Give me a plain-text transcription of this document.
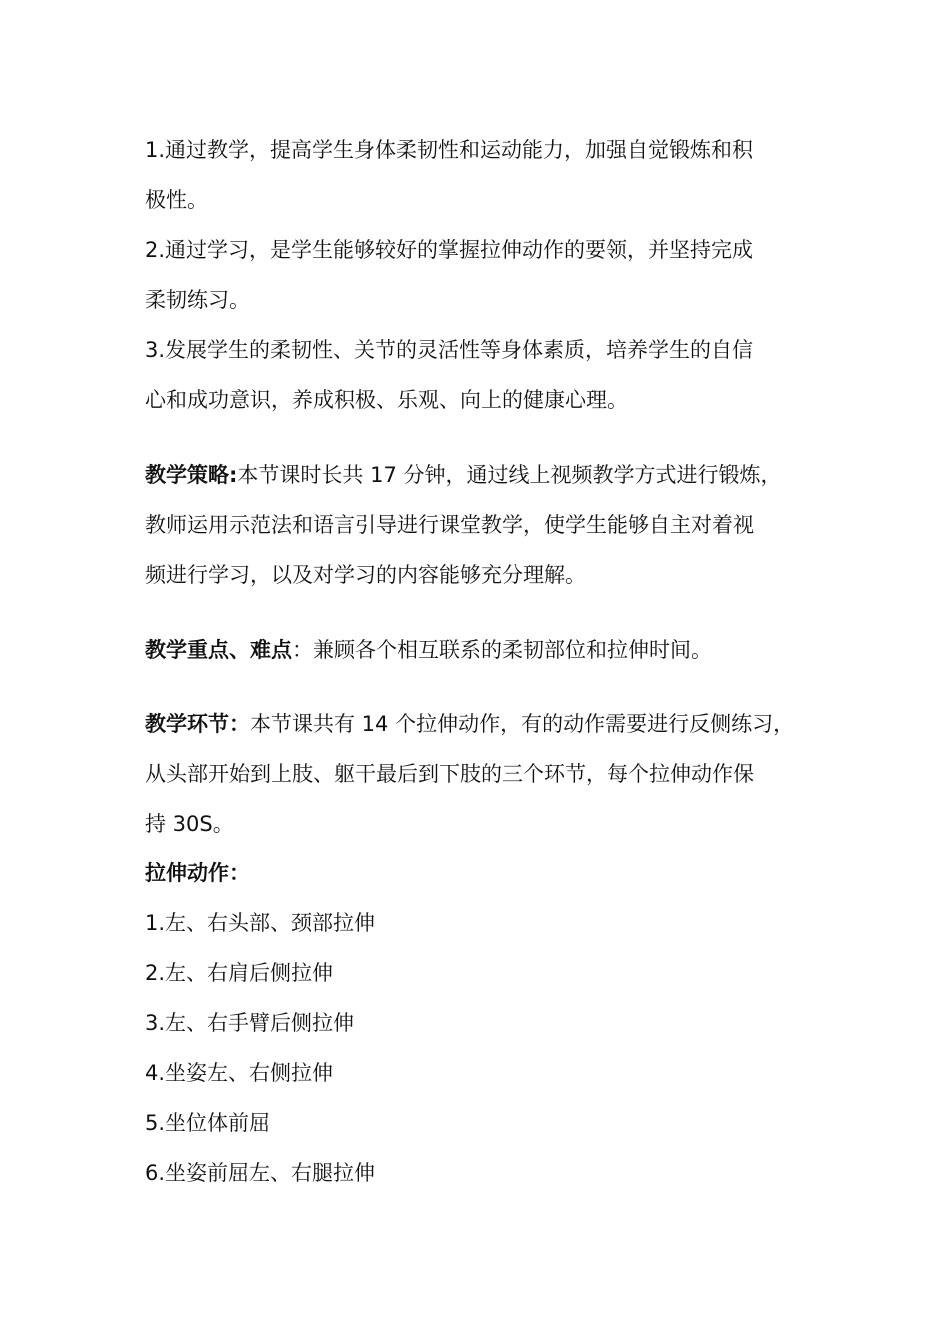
1.通过教学，提高学生身体柔韧性和运动能力，加强自觉锻炼和积
极性。
2.通过学习，是学生能够较好的掌握拉伸动作的要领，并坚持完成
柔韧练习。
3.发展学生的柔韧性、关节的灵活性等身体素质，培养学生的自信
心和成功意识，养成积极、乐观、向上的健康心理。
教学策略:本节课时长共 17 分钟，通过线上视频教学方式进行锻炼，
教师运用示范法和语言引导进行课堂教学，使学生能够自主对着视
频进行学习，以及对学习的内容能够充分理解。
教学重点、难点：兼顾各个相互联系的柔韧部位和拉伸时间。
教学环节：本节课共有 14 个拉伸动作，有的动作需要进行反侧练习，
从头部开始到上肢、躯干最后到下肢的三个环节，每个拉伸动作保
持 30S。
拉伸动作：
1.左、右头部、颈部拉伸
2.左、右肩后侧拉伸
3.左、右手臂后侧拉伸
4.坐姿左、右侧拉伸
5.坐位体前屈
6.坐姿前屈左、右腿拉伸
